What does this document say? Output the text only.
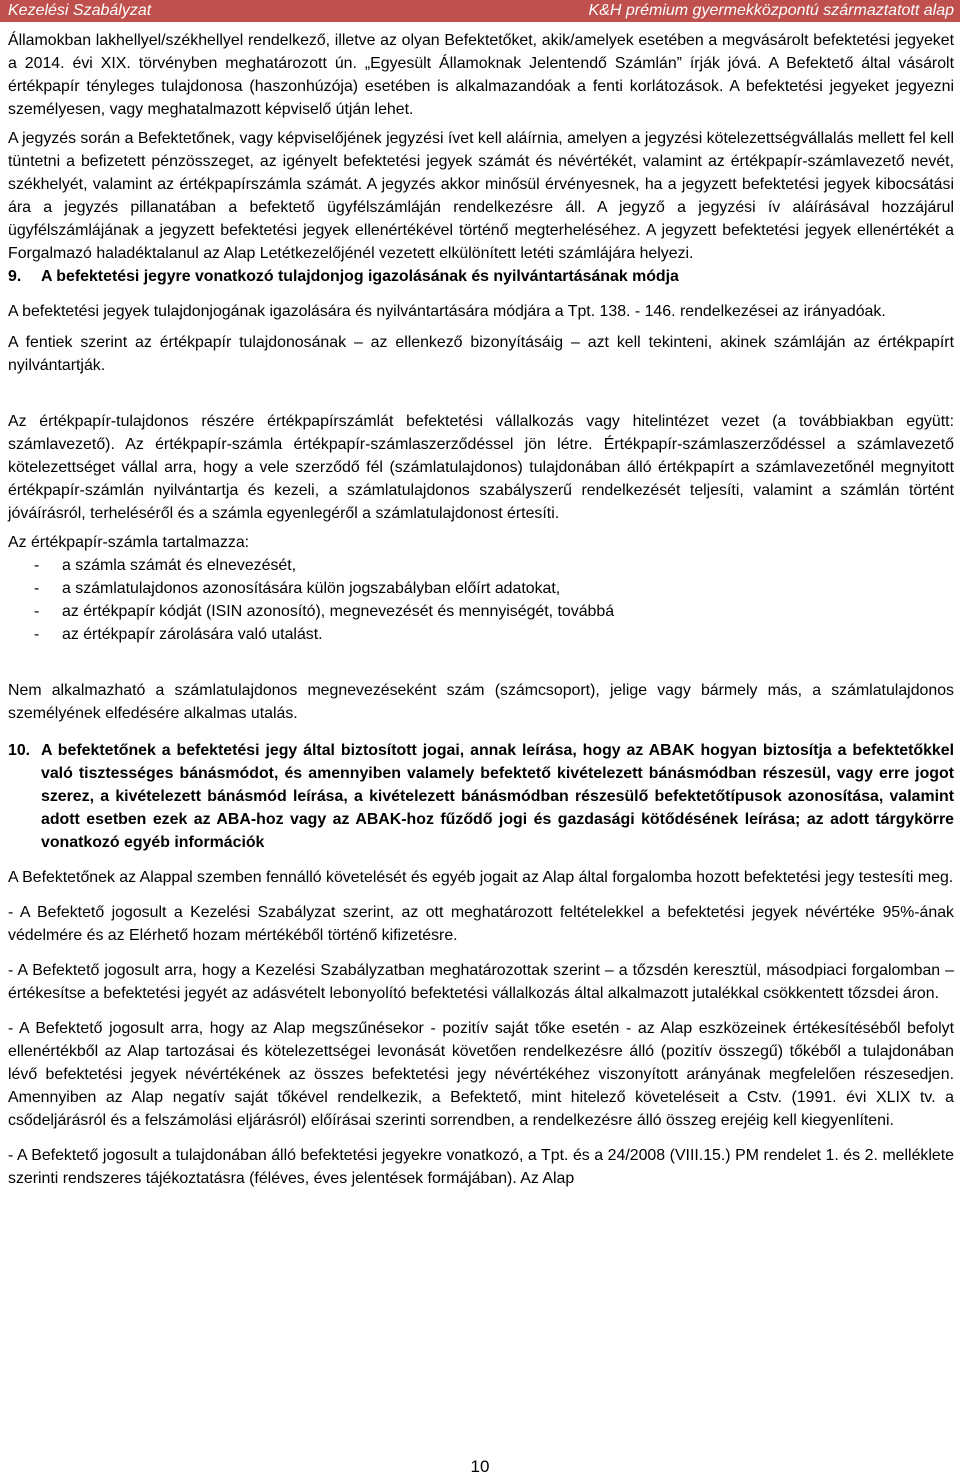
Kezelési Szabályzat	K&H prémium gyermekközpontú származtatott alap

Államokban lakhellyel/székhellyel rendelkező, illetve az olyan Befektetőket, akik/amelyek esetében a megvásárolt befektetési jegyeket a 2014. évi XIX. törvényben meghatározott ún. „Egyesült Államoknak Jelentendő Számlán” írják jóvá. A Befektető által vásárolt értékpapír tényleges tulajdonosa (haszonhúzója) esetében is alkalmazandóak a fenti korlátozások. A befektetési jegyeket jegyezni személyesen, vagy meghatalmazott képviselő útján lehet.

A jegyzés során a Befektetőnek, vagy képviselőjének jegyzési ívet kell aláírnia, amelyen a jegyzési kötelezettségvállalás mellett fel kell tüntetni a befizetett pénzösszeget, az igényelt befektetési jegyek számát és névértékét, valamint az értékpapír-számlavezető nevét, székhelyét, valamint az értékpapírszámla számát. A jegyzés akkor minősül érvényesnek, ha a jegyzett befektetési jegyek kibocsátási ára a jegyzés pillanatában a befektető ügyfélszámláján rendelkezésre áll. A jegyző a jegyzési ív aláírásával hozzájárul ügyfélszámlájának a jegyzett befektetési jegyek ellenértékével történő megterheléséhez. A jegyzett befektetési jegyek ellenértékét a Forgalmazó haladéktalanul az Alap Letétkezelőjénél vezetett elkülönített letéti számlájára helyezi.

9.	A befektetési jegyre vonatkozó tulajdonjog igazolásának és nyilvántartásának módja

A befektetési jegyek tulajdonjogának igazolására és nyilvántartására módjára a Tpt. 138. - 146. rendelkezései az irányadóak.

A fentiek szerint az értékpapír tulajdonosának – az ellenkező bizonyításáig – azt kell tekinteni, akinek számláján az értékpapírt nyilvántartják.

Az értékpapír-tulajdonos részére értékpapírszámlát befektetési vállalkozás vagy hitelintézet vezet (a továbbiakban együtt: számlavezető). Az értékpapír-számla értékpapír-számlaszerződéssel jön létre. Értékpapír-számlaszerződéssel a számlavezető kötelezettséget vállal arra, hogy a vele szerződő fél (számlatulajdonos) tulajdonában álló értékpapírt a számlavezetőnél megnyitott értékpapír-számlán nyilvántartja és kezeli, a számlatulajdonos szabályszerű rendelkezését teljesíti, valamint a számlán történt jóváírásról, terheléséről és a számla egyenlegéről a számlatulajdonost értesíti.

Az értékpapír-számla tartalmazza:

-	a számla számát és elnevezését,
-	a számlatulajdonos azonosítására külön jogszabályban előírt adatokat,
-	az értékpapír kódját (ISIN azonosító), megnevezését és mennyiségét, továbbá
-	az értékpapír zárolására való utalást.

Nem alkalmazható a számlatulajdonos megnevezéseként szám (számcsoport), jelige vagy bármely más, a számlatulajdonos személyének elfedésére alkalmas utalás.

10. A befektetőnek a befektetési jegy által biztosított jogai, annak leírása, hogy az ABAK hogyan biztosítja a befektetőkkel való tisztességes bánásmódot, és amennyiben valamely befektető kivételezett bánásmódban részesül, vagy erre jogot szerez, a kivételezett bánásmód leírása, a kivételezett bánásmódban részesülő befektetőtípusok azonosítása, valamint adott esetben ezek az ABA-hoz vagy az ABAK-hoz fűződő jogi és gazdasági kötődésének leírása; az adott tárgykörre vonatkozó egyéb információk

A Befektetőnek az Alappal szemben fennálló követelését és egyéb jogait az Alap által forgalomba hozott befektetési jegy testesíti meg.

- A Befektető jogosult a Kezelési Szabályzat szerint, az ott meghatározott feltételekkel a befektetési jegyek névértéke 95%-ának védelmére és az Elérhető hozam mértékéből történő kifizetésre.

- A Befektető jogosult arra, hogy a Kezelési Szabályzatban meghatározottak szerint – a tőzsdén keresztül, másodpiaci forgalomban – értékesítse a befektetési jegyét az adásvételt lebonyolító befektetési vállalkozás által alkalmazott jutalékkal csökkentett tőzsdei áron.

- A Befektető jogosult arra, hogy az Alap megszűnésekor - pozitív saját tőke esetén - az Alap eszközeinek értékesítéséből befolyt ellenértékből az Alap tartozásai és kötelezettségei levonását követően rendelkezésre álló (pozitív összegű) tőkéből a tulajdonában lévő befektetési jegyek névértékének az összes befektetési jegy névértékéhez viszonyított arányának megfelelően részesedjen. Amennyiben az Alap negatív saját tőkével rendelkezik, a Befektető, mint hitelező követeléseit a Cstv. (1991. évi XLIX tv. a csődeljárásról és a felszámolási eljárásról) előírásai szerinti sorrendben, a rendelkezésre álló összeg erejéig kell kiegyenlíteni.

- A Befektető jogosult a tulajdonában álló befektetési jegyekre vonatkozó, a Tpt. és a 24/2008 (VIII.15.) PM rendelet 1. és 2. melléklete szerinti rendszeres tájékoztatásra (féléves, éves jelentések formájában). Az Alap

10
